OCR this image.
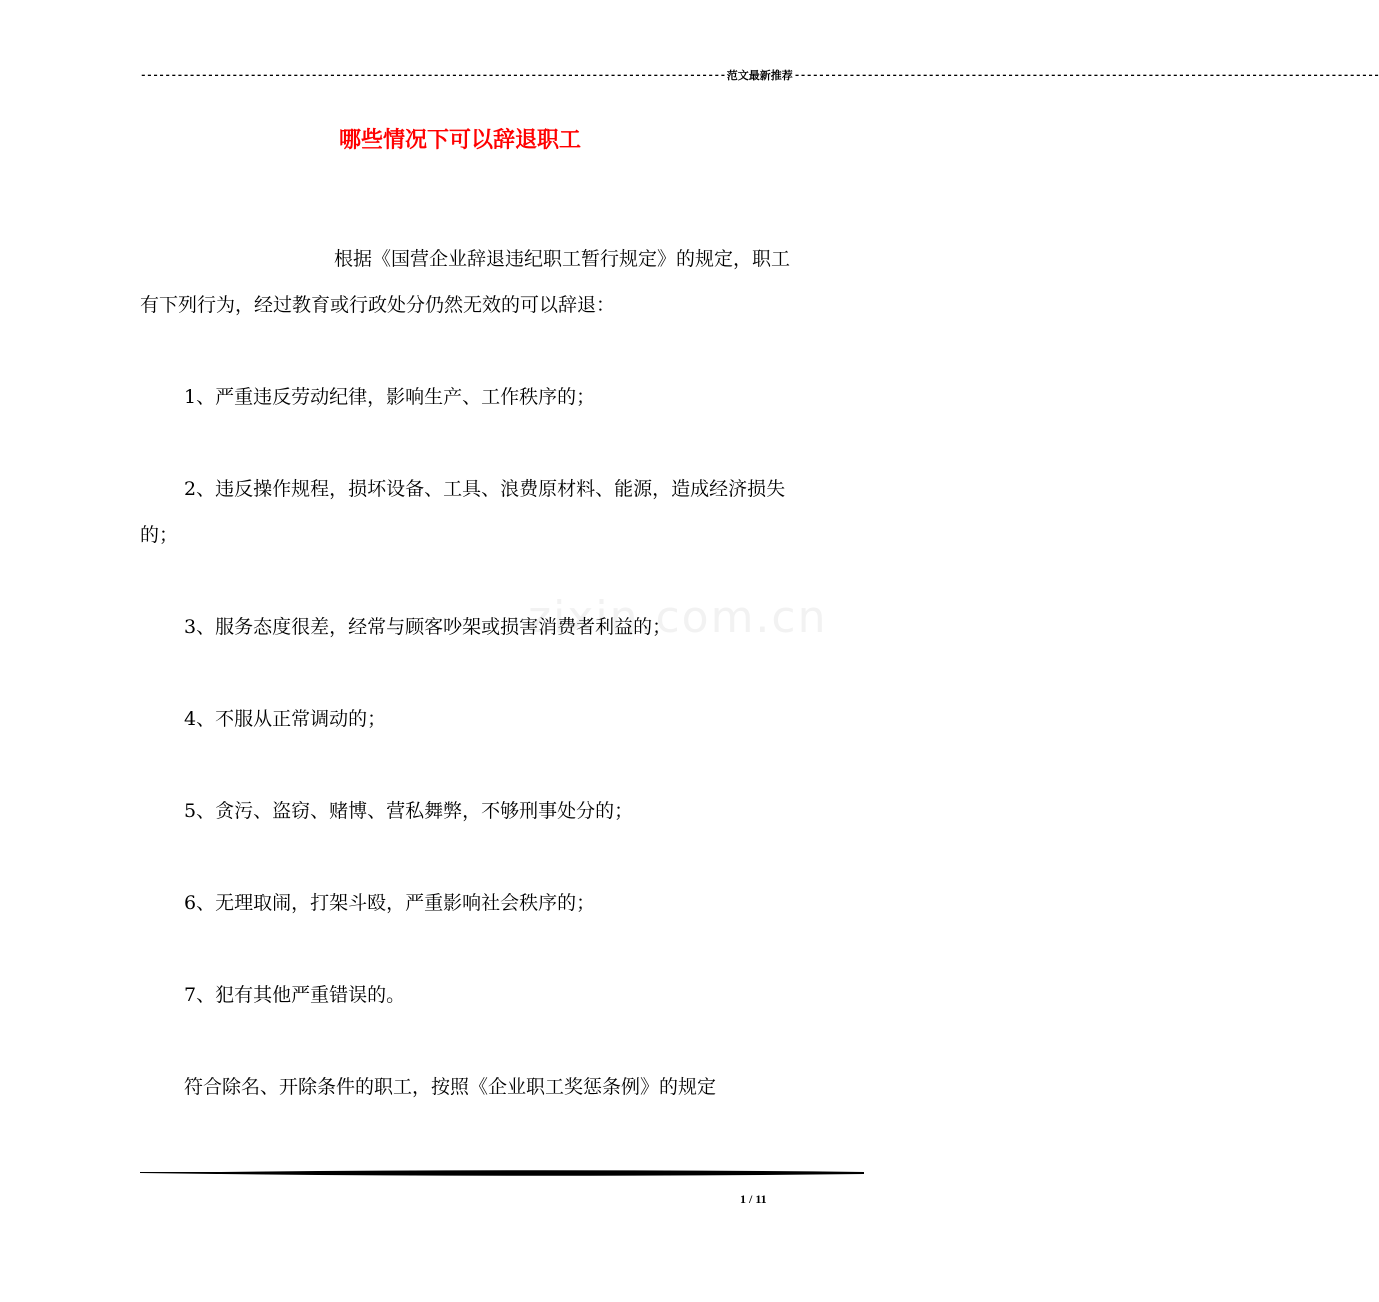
------------------------------------------------------------------------------------------------ 范文最新推荐 ------------------------------------------------------------------------------------------------
哪些情况下可以辞退职工
zixin.com.cn

根据《国营企业辞退违纪职工暂行规定》的规定，职工有下列行为，经过教育或行政处分仍然无效的可以辞退：

1、严重违反劳动纪律，影响生产、工作秩序的；

2、违反操作规程，损坏设备、工具、浪费原材料、能源，造成经济损失的；

3、服务态度很差，经常与顾客吵架或损害消费者利益的；

4、不服从正常调动的；

5、贪污、盗窃、赌博、营私舞弊，不够刑事处分的；

6、无理取闹，打架斗殴，严重影响社会秩序的；

7、犯有其他严重错误的。

符合除名、开除条件的职工，按照《企业职工奖惩条例》的规定

1 / 11
